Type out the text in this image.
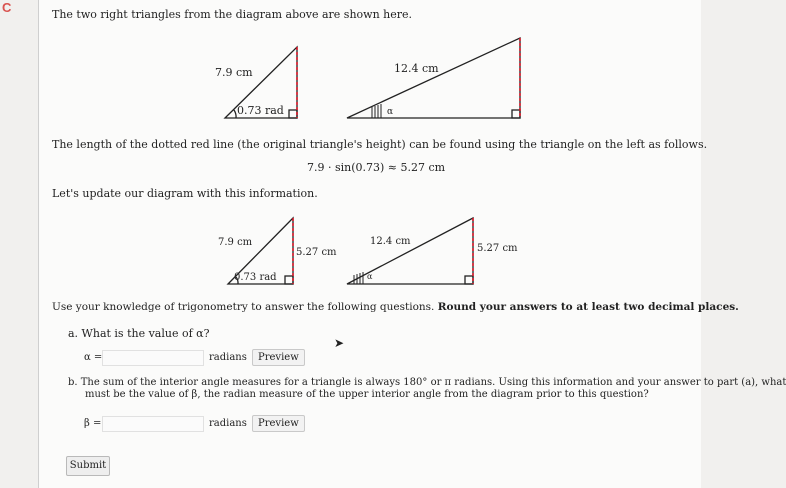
C	The two right triangles from the diagram above are shown here.
7.9 cm
0.73 rad
12.4 cm
α
The length of the dotted red line (the original triangle's height) can be found using the triangle on the left as follows.
7.9 · sin(0.73) ≈ 5.27 cm
Let's update our diagram with this information.
7.9 cm
0.73 rad
5.27 cm
12.4 cm
α
5.27 cm
Use your knowledge of trigonometry to answer the following questions. Round your answers to at least two decimal places.
a. What is the value of α?
α =	radians	Preview
➤
b. The sum of the interior angle measures for a triangle is always 180° or π radians. Using this information and your answer to part (a), what
must be the value of β, the radian measure of the upper interior angle from the diagram prior to this question?
β =	radians	Preview
Submit
